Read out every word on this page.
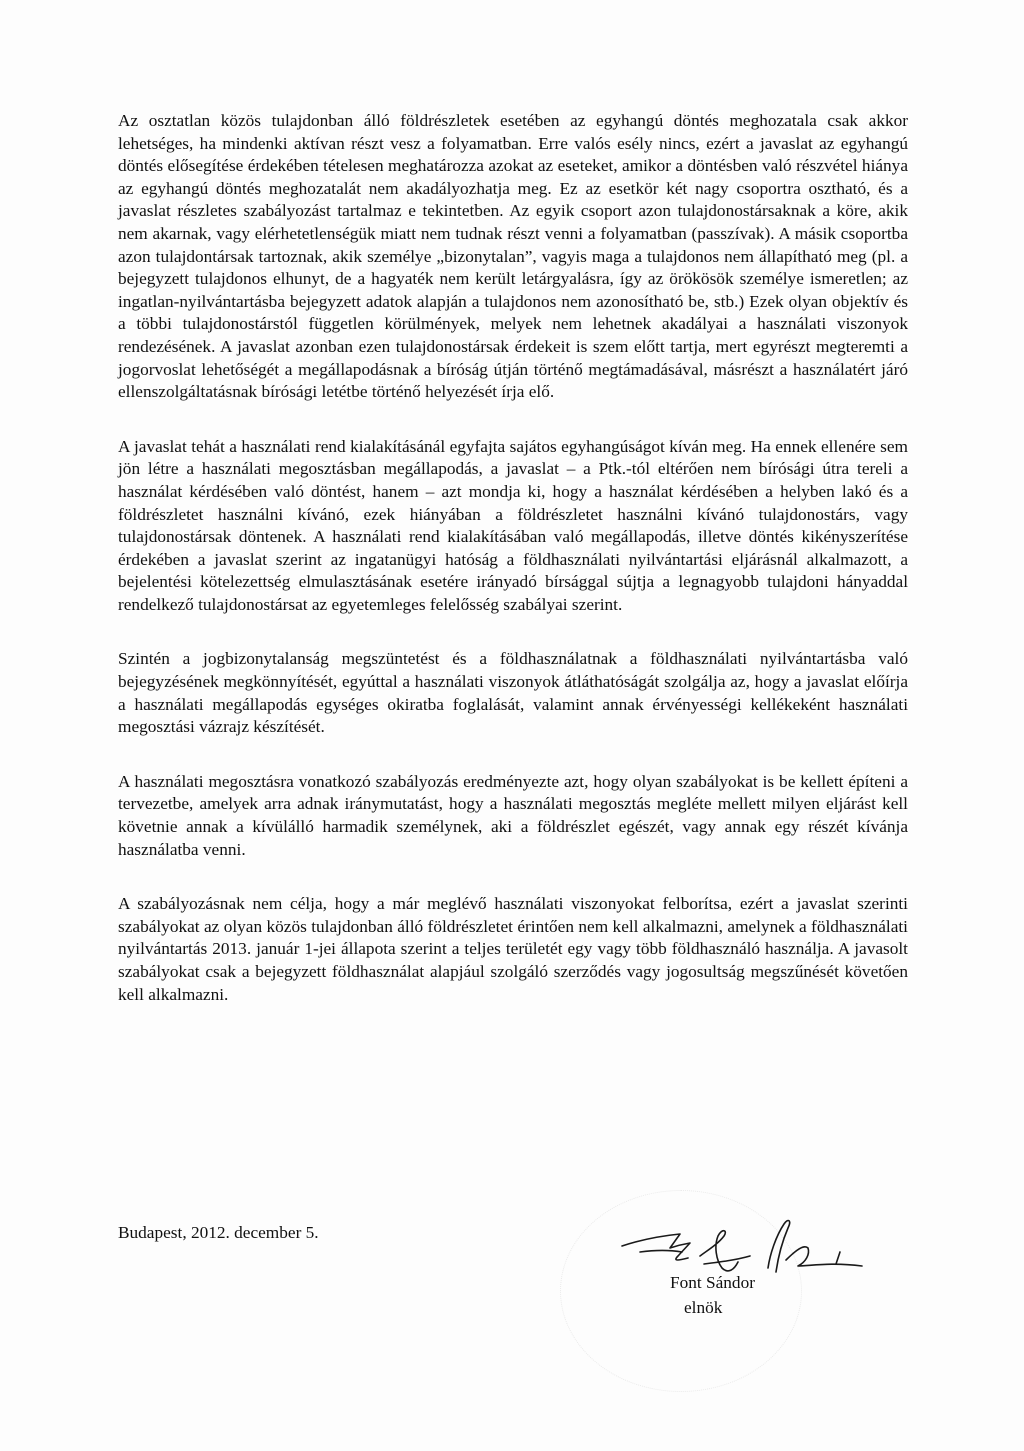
Az osztatlan közös tulajdonban álló földrészletek esetében az egyhangú döntés meghozatala csak akkor lehetséges, ha mindenki aktívan részt vesz a folyamatban. Erre valós esély nincs, ezért a javaslat az egyhangú döntés elősegítése érdekében tételesen meghatározza azokat az eseteket, amikor a döntésben való részvétel hiánya az egyhangú döntés meghozatalát nem akadályozhatja meg. Ez az esetkör két nagy csoportra osztható, és a javaslat részletes szabályozást tartalmaz e tekintetben. Az egyik csoport azon tulajdonostársaknak a köre, akik nem akarnak, vagy elérhetetlenségük miatt nem tudnak részt venni a folyamatban (passzívak). A másik csoportba azon tulajdontársak tartoznak, akik személye „bizonytalan”, vagyis maga a tulajdonos nem állapítható meg (pl. a bejegyzett tulajdonos elhunyt, de a hagyaték nem került letárgyalásra, így az örökösök személye ismeretlen; az ingatlan-nyilvántartásba bejegyzett adatok alapján a tulajdonos nem azonosítható be, stb.) Ezek olyan objektív és a többi tulajdonostárstól független körülmények, melyek nem lehetnek akadályai a használati viszonyok rendezésének. A javaslat azonban ezen tulajdonostársak érdekeit is szem előtt tartja, mert egyrészt megteremti a jogorvoslat lehetőségét a megállapodásnak a bíróság útján történő megtámadásával, másrészt a használatért járó ellenszolgáltatásnak bírósági letétbe történő helyezését írja elő.

A javaslat tehát a használati rend kialakításánál egyfajta sajátos egyhangúságot kíván meg. Ha ennek ellenére sem jön létre a használati megosztásban megállapodás, a javaslat – a Ptk.-tól eltérően nem bírósági útra tereli a használat kérdésében való döntést, hanem – azt mondja ki, hogy a használat kérdésében a helyben lakó és a földrészletet használni kívánó, ezek hiányában a földrészletet használni kívánó tulajdonostárs, vagy tulajdonostársak döntenek. A használati rend kialakításában való megállapodás, illetve döntés kikényszerítése érdekében a javaslat szerint az ingatanügyi hatóság a földhasználati nyilvántartási eljárásnál alkalmazott, a bejelentési kötelezettség elmulasztásának esetére irányadó bírsággal sújtja a legnagyobb tulajdoni hányaddal rendelkező tulajdonostársat az egyetemleges felelősség szabályai szerint.

Szintén a jogbizonytalanság megszüntetést és a földhasználatnak a földhasználati nyilvántartásba való bejegyzésének megkönnyítését, egyúttal a használati viszonyok átláthatóságát szolgálja az, hogy a javaslat előírja a használati megállapodás egységes okiratba foglalását, valamint annak érvényességi kellékeként használati megosztási vázrajz készítését.

A használati megosztásra vonatkozó szabályozás eredményezte azt, hogy olyan szabályokat is be kellett építeni a tervezetbe, amelyek arra adnak iránymutatást, hogy a használati megosztás megléte mellett milyen eljárást kell követnie annak a kívülálló harmadik személynek, aki a földrészlet egészét, vagy annak egy részét kívánja használatba venni.

A szabályozásnak nem célja, hogy a már meglévő használati viszonyokat felborítsa, ezért a javaslat szerinti szabályokat az olyan közös tulajdonban álló földrészletet érintően nem kell alkalmazni, amelynek a földhasználati nyilvántartás 2013. január 1-jei állapota szerint a teljes területét egy vagy több földhasználó használja. A javasolt szabályokat csak a bejegyzett földhasználat alapjául szolgáló szerződés vagy jogosultság megszűnését követően kell alkalmazni.

Budapest, 2012. december 5.
Font Sándor
elnök
